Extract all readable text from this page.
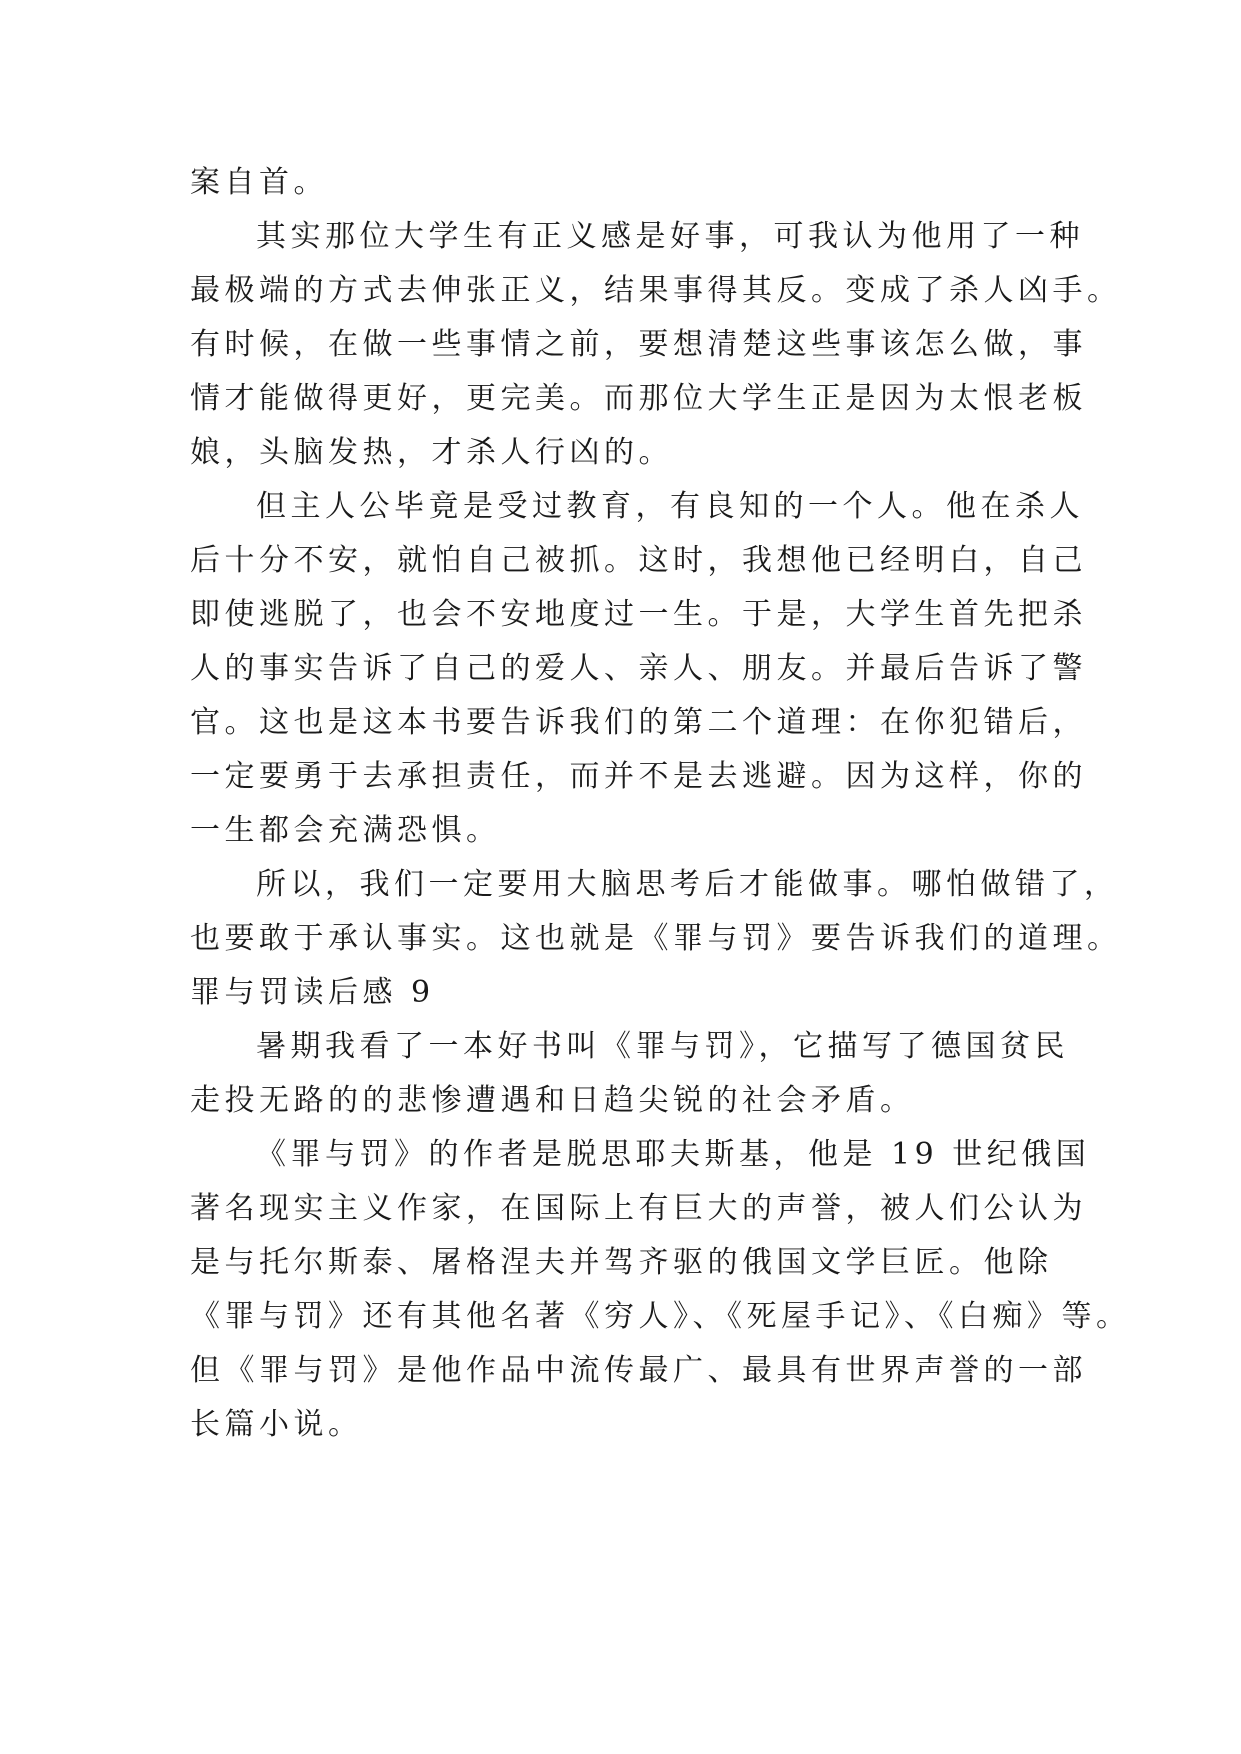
案自首。

其实那位大学生有正义感是好事，可我认为他用了一种

最极端的方式去伸张正义，结果事得其反。变成了杀人凶手。

有时候，在做一些事情之前，要想清楚这些事该怎么做，事

情才能做得更好，更完美。而那位大学生正是因为太恨老板

娘，头脑发热，才杀人行凶的。

但主人公毕竟是受过教育，有良知的一个人。他在杀人

后十分不安，就怕自己被抓。这时，我想他已经明白，自己

即使逃脱了，也会不安地度过一生。于是，大学生首先把杀

人的事实告诉了自己的爱人、亲人、朋友。并最后告诉了警

官。这也是这本书要告诉我们的第二个道理：在你犯错后，

一定要勇于去承担责任，而并不是去逃避。因为这样，你的

一生都会充满恐惧。

所以，我们一定要用大脑思考后才能做事。哪怕做错了，

也要敢于承认事实。这也就是《罪与罚》要告诉我们的道理。

罪与罚读后感 9

暑期我看了一本好书叫《罪与罚》，它描写了德国贫民

走投无路的的悲惨遭遇和日趋尖锐的社会矛盾。

《罪与罚》的作者是脱思耶夫斯基，他是 19 世纪俄国

著名现实主义作家，在国际上有巨大的声誉，被人们公认为

是与托尔斯泰、屠格涅夫并驾齐驱的俄国文学巨匠。他除

《罪与罚》还有其他名著《穷人》、《死屋手记》、《白痴》等。

但《罪与罚》是他作品中流传最广、最具有世界声誉的一部

长篇小说。
